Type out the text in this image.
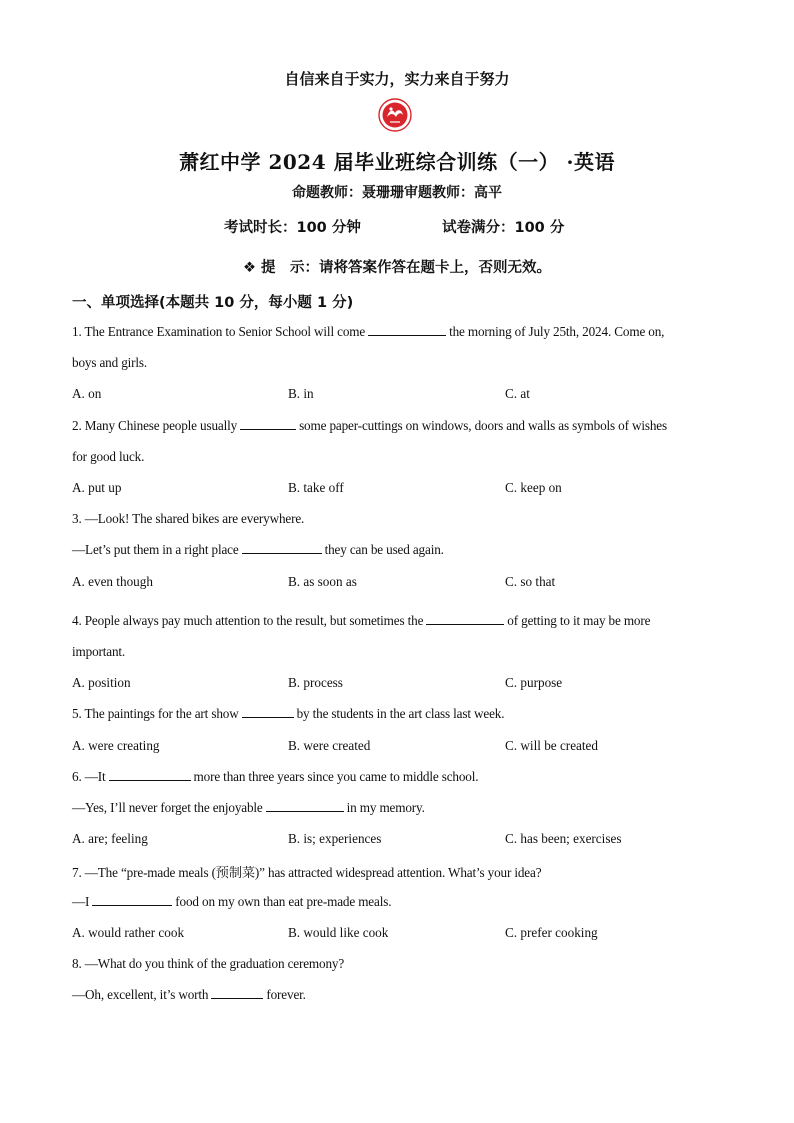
自信来自于实力，实力来自于努力
萧红中学 2024 届毕业班综合训练（一） ·英语
命题教师：聂珊珊审题教师：高平
考试时长：100 分钟	试卷满分：100 分
❖ 提　示：请将答案作答在题卡上，否则无效。
一、单项选择(本题共 10 分，每小题 1 分)
1. The Entrance Examination to Senior School will come	the morning of July 25th, 2024. Come on,
boys and girls.
A. on	B. in	C. at
2. Many Chinese people usually	some paper-cuttings on windows, doors and walls as symbols of wishes
for good luck.
A. put up	B. take off	C. keep on
3. —Look! The shared bikes are everywhere.
—Let’s put them in a right place	they can be used again.
A. even though	B. as soon as	C. so that
4. People always pay much attention to the result, but sometimes the	of getting to it may be more
important.
A. position	B. process	C. purpose
5. The paintings for the art show	by the students in the art class last week.
A. were creating	B. were created	C. will be created
6. —It	more than three years since you came to middle school.
—Yes, I’ll never forget the enjoyable	in my memory.
A. are; feeling	B. is; experiences	C. has been; exercises
7. —The “pre-made meals (预制菜)” has attracted widespread attention. What’s your idea?
—I	food on my own than eat pre-made meals.
A. would rather cook	B. would like cook	C. prefer cooking
8. —What do you think of the graduation ceremony?
—Oh, excellent, it’s worth	forever.
